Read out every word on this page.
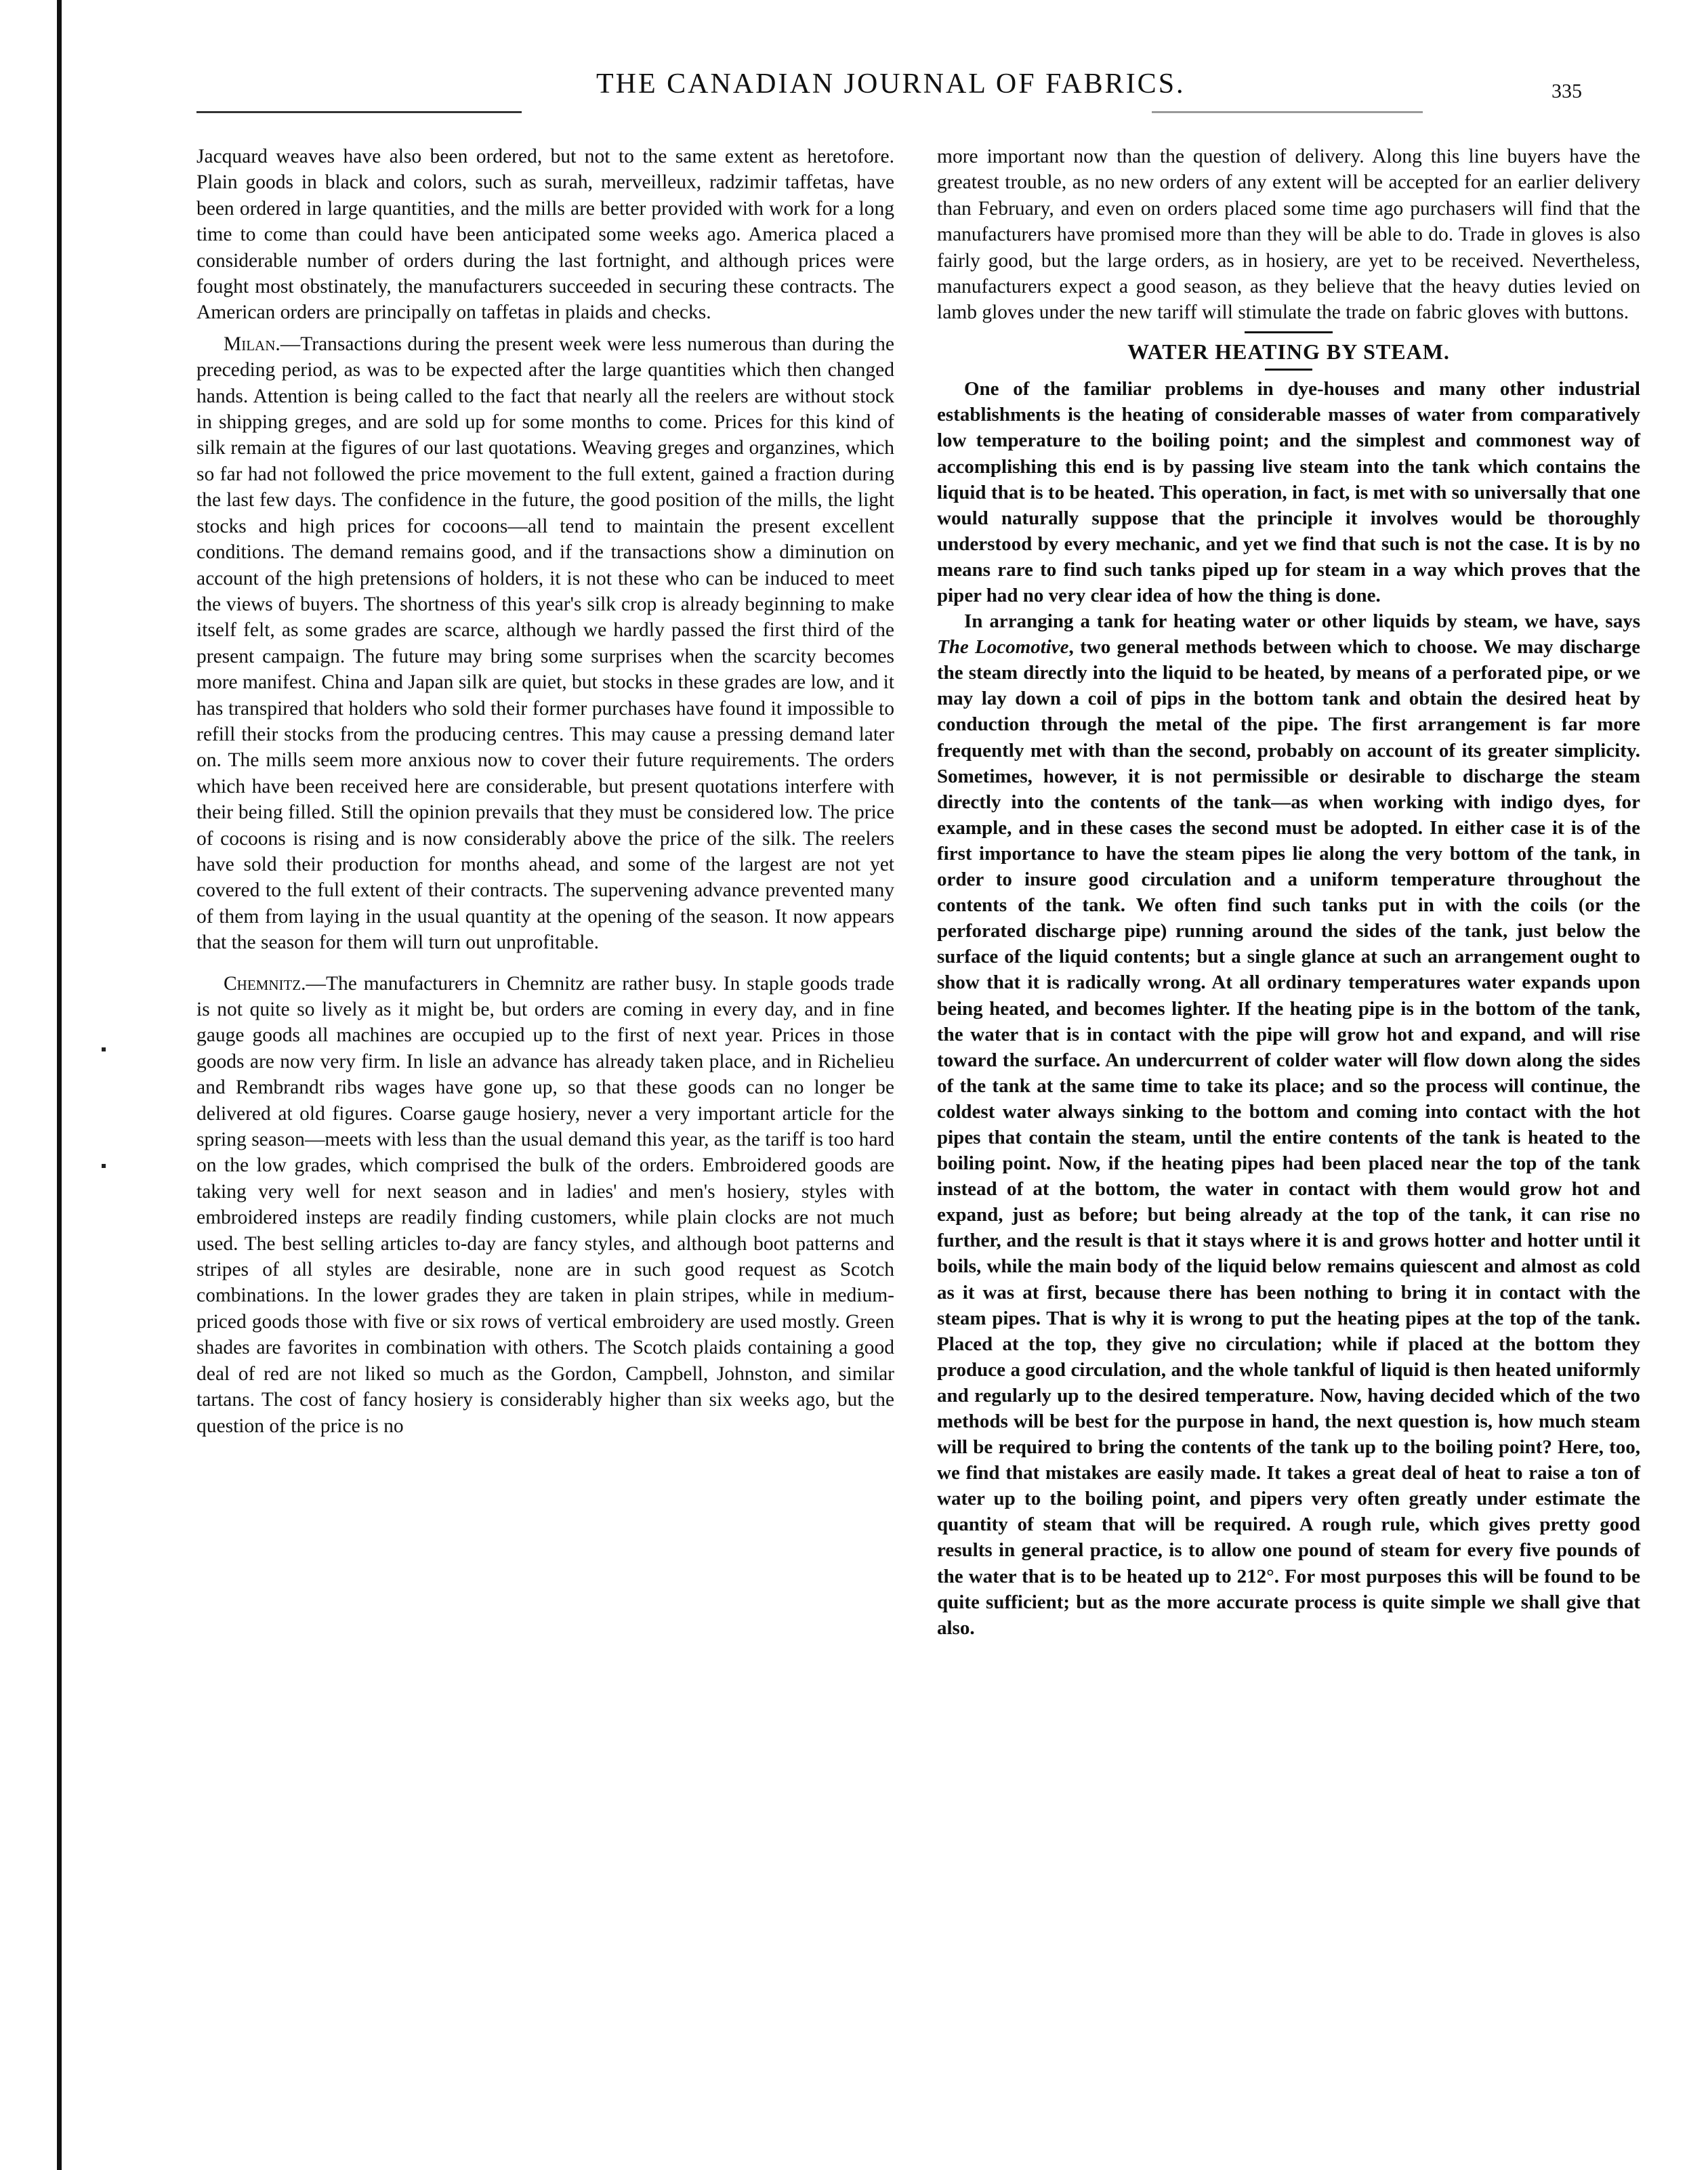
THE CANADIAN JOURNAL OF FABRICS.	335

Jacquard weaves have also been ordered, but not to the same extent as heretofore. Plain goods in black and colors, such as surah, merveilleux, radzimir taffetas, have been ordered in large quantities, and the mills are better provided with work for a long time to come than could have been anticipated some weeks ago. America placed a considerable number of orders during the last fortnight, and although prices were fought most obstinately, the manufacturers succeeded in securing these contracts. The American orders are principally on taffetas in plaids and checks.

Milan.—Transactions during the present week were less numerous than during the preceding period, as was to be expected after the large quantities which then changed hands. Attention is being called to the fact that nearly all the reelers are without stock in shipping greges, and are sold up for some months to come. Prices for this kind of silk remain at the figures of our last quotations. Weaving greges and organzines, which so far had not followed the price movement to the full extent, gained a fraction during the last few days. The confidence in the future, the good position of the mills, the light stocks and high prices for cocoons—all tend to maintain the present excellent conditions. The demand remains good, and if the transactions show a diminution on account of the high pretensions of holders, it is not these who can be induced to meet the views of buyers. The shortness of this year's silk crop is already beginning to make itself felt, as some grades are scarce, although we hardly passed the first third of the present campaign. The future may bring some surprises when the scarcity becomes more manifest. China and Japan silk are quiet, but stocks in these grades are low, and it has transpired that holders who sold their former purchases have found it impossible to refill their stocks from the producing centres. This may cause a pressing demand later on. The mills seem more anxious now to cover their future requirements. The orders which have been received here are considerable, but present quotations interfere with their being filled. Still the opinion prevails that they must be considered low. The price of cocoons is rising and is now considerably above the price of the silk. The reelers have sold their production for months ahead, and some of the largest are not yet covered to the full extent of their contracts. The supervening advance prevented many of them from laying in the usual quantity at the opening of the season. It now appears that the season for them will turn out unprofitable.

Chemnitz.—The manufacturers in Chemnitz are rather busy. In staple goods trade is not quite so lively as it might be, but orders are coming in every day, and in fine gauge goods all machines are occupied up to the first of next year. Prices in those goods are now very firm. In lisle an advance has already taken place, and in Richelieu and Rembrandt ribs wages have gone up, so that these goods can no longer be delivered at old figures. Coarse gauge hosiery, never a very important article for the spring season—meets with less than the usual demand this year, as the tariff is too hard on the low grades, which comprised the bulk of the orders. Embroidered goods are taking very well for next season and in ladies' and men's hosiery, styles with embroidered insteps are readily finding customers, while plain clocks are not much used. The best selling articles to-day are fancy styles, and although boot patterns and stripes of all styles are desirable, none are in such good request as Scotch combinations. In the lower grades they are taken in plain stripes, while in medium-priced goods those with five or six rows of vertical embroidery are used mostly. Green shades are favorites in combination with others. The Scotch plaids containing a good deal of red are not liked so much as the Gordon, Campbell, Johnston, and similar tartans. The cost of fancy hosiery is considerably higher than six weeks ago, but the question of the price is no

more important now than the question of delivery. Along this line buyers have the greatest trouble, as no new orders of any extent will be accepted for an earlier delivery than February, and even on orders placed some time ago purchasers will find that the manufacturers have promised more than they will be able to do. Trade in gloves is also fairly good, but the large orders, as in hosiery, are yet to be received. Nevertheless, manufacturers expect a good season, as they believe that the heavy duties levied on lamb gloves under the new tariff will stimulate the trade on fabric gloves with buttons.

WATER HEATING BY STEAM.

One of the familiar problems in dye-houses and many other industrial establishments is the heating of considerable masses of water from comparatively low temperature to the boiling point; and the simplest and commonest way of accomplishing this end is by passing live steam into the tank which contains the liquid that is to be heated. This operation, in fact, is met with so universally that one would naturally suppose that the principle it involves would be thoroughly understood by every mechanic, and yet we find that such is not the case. It is by no means rare to find such tanks piped up for steam in a way which proves that the piper had no very clear idea of how the thing is done.

In arranging a tank for heating water or other liquids by steam, we have, says The Locomotive, two general methods between which to choose. We may discharge the steam directly into the liquid to be heated, by means of a perforated pipe, or we may lay down a coil of pips in the bottom tank and obtain the desired heat by conduction through the metal of the pipe. The first arrangement is far more frequently met with than the second, probably on account of its greater simplicity. Sometimes, however, it is not permissible or desirable to discharge the steam directly into the contents of the tank—as when working with indigo dyes, for example, and in these cases the second must be adopted. In either case it is of the first importance to have the steam pipes lie along the very bottom of the tank, in order to insure good circulation and a uniform temperature throughout the contents of the tank. We often find such tanks put in with the coils (or the perforated discharge pipe) running around the sides of the tank, just below the surface of the liquid contents; but a single glance at such an arrangement ought to show that it is radically wrong. At all ordinary temperatures water expands upon being heated, and becomes lighter. If the heating pipe is in the bottom of the tank, the water that is in contact with the pipe will grow hot and expand, and will rise toward the surface. An undercurrent of colder water will flow down along the sides of the tank at the same time to take its place; and so the process will continue, the coldest water always sinking to the bottom and coming into contact with the hot pipes that contain the steam, until the entire contents of the tank is heated to the boiling point. Now, if the heating pipes had been placed near the top of the tank instead of at the bottom, the water in contact with them would grow hot and expand, just as before; but being already at the top of the tank, it can rise no further, and the result is that it stays where it is and grows hotter and hotter until it boils, while the main body of the liquid below remains quiescent and almost as cold as it was at first, because there has been nothing to bring it in contact with the steam pipes. That is why it is wrong to put the heating pipes at the top of the tank. Placed at the top, they give no circulation; while if placed at the bottom they produce a good circulation, and the whole tankful of liquid is then heated uniformly and regularly up to the desired temperature. Now, having decided which of the two methods will be best for the purpose in hand, the next question is, how much steam will be required to bring the contents of the tank up to the boiling point? Here, too, we find that mistakes are easily made. It takes a great deal of heat to raise a ton of water up to the boiling point, and pipers very often greatly under estimate the quantity of steam that will be required. A rough rule, which gives pretty good results in general practice, is to allow one pound of steam for every five pounds of the water that is to be heated up to 212°. For most purposes this will be found to be quite sufficient; but as the more accurate process is quite simple we shall give that also.
